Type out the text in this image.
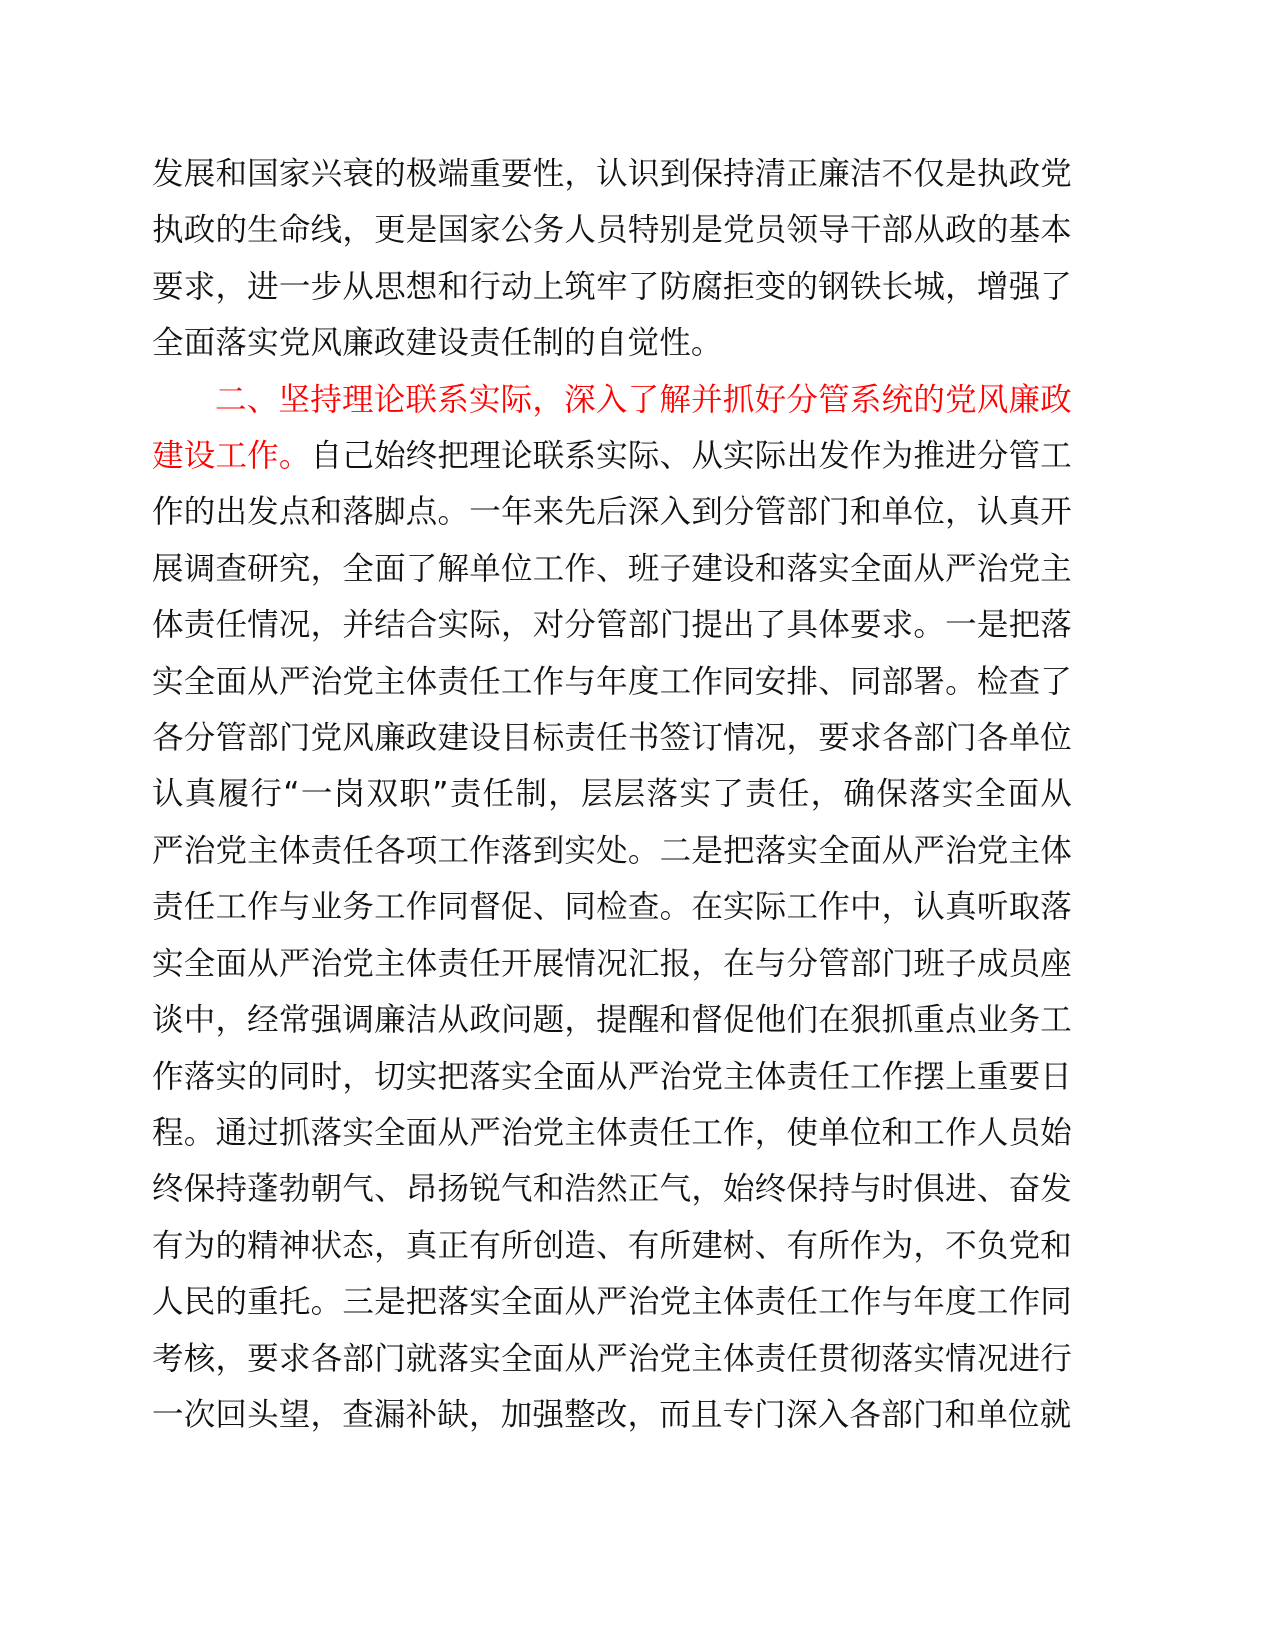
发展和国家兴衰的极端重要性，认识到保持清正廉洁不仅是执政党执政的生命线，更是国家公务人员特别是党员领导干部从政的基本要求，进一步从思想和行动上筑牢了防腐拒变的钢铁长城，增强了全面落实党风廉政建设责任制的自觉性。

二、坚持理论联系实际，深入了解并抓好分管系统的党风廉政建设工作。自己始终把理论联系实际、从实际出发作为推进分管工作的出发点和落脚点。一年来先后深入到分管部门和单位，认真开展调查研究，全面了解单位工作、班子建设和落实全面从严治党主体责任情况，并结合实际，对分管部门提出了具体要求。一是把落实全面从严治党主体责任工作与年度工作同安排、同部署。检查了各分管部门党风廉政建设目标责任书签订情况，要求各部门各单位认真履行“一岗双职”责任制，层层落实了责任，确保落实全面从严治党主体责任各项工作落到实处。二是把落实全面从严治党主体责任工作与业务工作同督促、同检查。在实际工作中，认真听取落实全面从严治党主体责任开展情况汇报，在与分管部门班子成员座谈中，经常强调廉洁从政问题，提醒和督促他们在狠抓重点业务工作落实的同时，切实把落实全面从严治党主体责任工作摆上重要日程。通过抓落实全面从严治党主体责任工作，使单位和工作人员始终保持蓬勃朝气、昂扬锐气和浩然正气，始终保持与时俱进、奋发有为的精神状态，真正有所创造、有所建树、有所作为，不负党和人民的重托。三是把落实全面从严治党主体责任工作与年度工作同考核，要求各部门就落实全面从严治党主体责任贯彻落实情况进行一次回头望，查漏补缺，加强整改，而且专门深入各部门和单位就
